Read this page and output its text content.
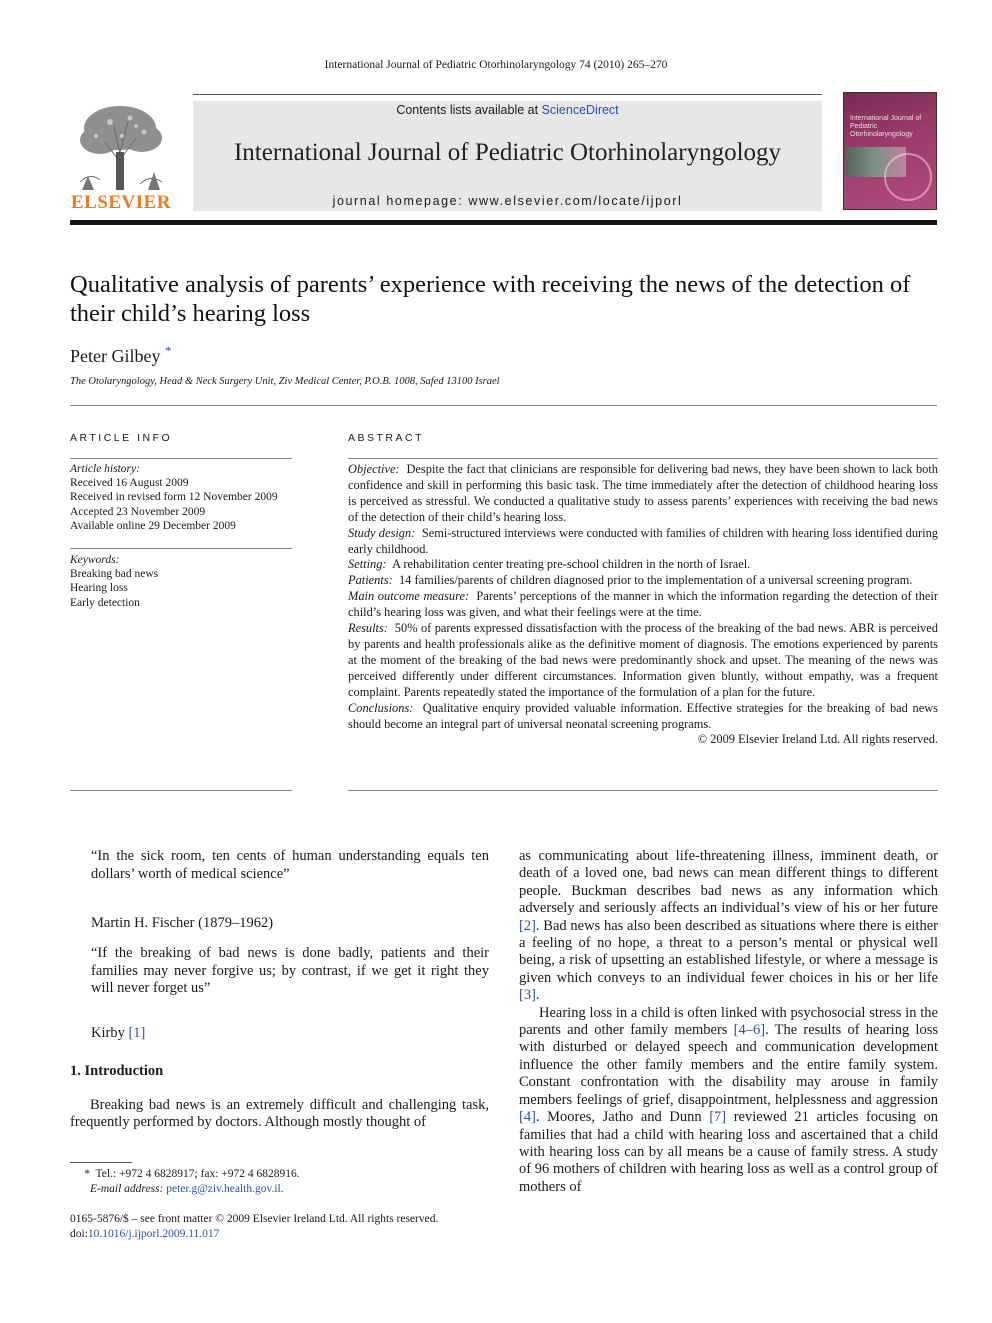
International Journal of Pediatric Otorhinolaryngology 74 (2010) 265–270
ELSEVIER
Contents lists available at ScienceDirect
International Journal of Pediatric Otorhinolaryngology
journal homepage: www.elsevier.com/locate/ijporl
International Journal of Pediatric Otorhinolaryngology
Qualitative analysis of parents’ experience with receiving the news of the detection of their child’s hearing loss
Peter Gilbey *
The Otolaryngology, Head & Neck Surgery Unit, Ziv Medical Center, P.O.B. 1008, Safed 13100 Israel
ARTICLE INFO
Article history:
Received 16 August 2009
Received in revised form 12 November 2009
Accepted 23 November 2009
Available online 29 December 2009
Keywords:
Breaking bad news
Hearing loss
Early detection
ABSTRACT

Objective: Despite the fact that clinicians are responsible for delivering bad news, they have been shown to lack both confidence and skill in performing this basic task. The time immediately after the detection of childhood hearing loss is perceived as stressful. We conducted a qualitative study to assess parents’ experiences with receiving the bad news of the detection of their child’s hearing loss.

Study design: Semi-structured interviews were conducted with families of children with hearing loss identified during early childhood.

Setting: A rehabilitation center treating pre-school children in the north of Israel.

Patients: 14 families/parents of children diagnosed prior to the implementation of a universal screening program.

Main outcome measure: Parents’ perceptions of the manner in which the information regarding the detection of their child’s hearing loss was given, and what their feelings were at the time.

Results: 50% of parents expressed dissatisfaction with the process of the breaking of the bad news. ABR is perceived by parents and health professionals alike as the definitive moment of diagnosis. The emotions experienced by parents at the moment of the breaking of the bad news were predominantly shock and upset. The meaning of the news was perceived differently under different circumstances. Information given bluntly, without empathy, was a frequent complaint. Parents repeatedly stated the importance of the formulation of a plan for the future.

Conclusions: Qualitative enquiry provided valuable information. Effective strategies for the breaking of bad news should become an integral part of universal neonatal screening programs.

© 2009 Elsevier Ireland Ltd. All rights reserved.

“In the sick room, ten cents of human understanding equals ten dollars’ worth of medical science”
Martin H. Fischer (1879–1962)
“If the breaking of bad news is done badly, patients and their families may never forgive us; by contrast, if we get it right they will never forget us”
Kirby [1]
1. Introduction

Breaking bad news is an extremely difficult and challenging task, frequently performed by doctors. Although mostly thought of

* Tel.: +972 4 6828917; fax: +972 4 6828916.
E-mail address: peter.g@ziv.health.gov.il.
0165-5876/$ – see front matter © 2009 Elsevier Ireland Ltd. All rights reserved.
doi:10.1016/j.ijporl.2009.11.017

as communicating about life-threatening illness, imminent death, or death of a loved one, bad news can mean different things to different people. Buckman describes bad news as any information which adversely and seriously affects an individual’s view of his or her future [2]. Bad news has also been described as situations where there is either a feeling of no hope, a threat to a person’s mental or physical well being, a risk of upsetting an established lifestyle, or where a message is given which conveys to an individual fewer choices in his or her life [3].

Hearing loss in a child is often linked with psychosocial stress in the parents and other family members [4–6]. The results of hearing loss with disturbed or delayed speech and communication development influence the other family members and the entire family system. Constant confrontation with the disability may arouse in family members feelings of grief, disappointment, helplessness and aggression [4]. Moores, Jatho and Dunn [7] reviewed 21 articles focusing on families that had a child with hearing loss and ascertained that a child with hearing loss can by all means be a cause of family stress. A study of 96 mothers of children with hearing loss as well as a control group of mothers of
